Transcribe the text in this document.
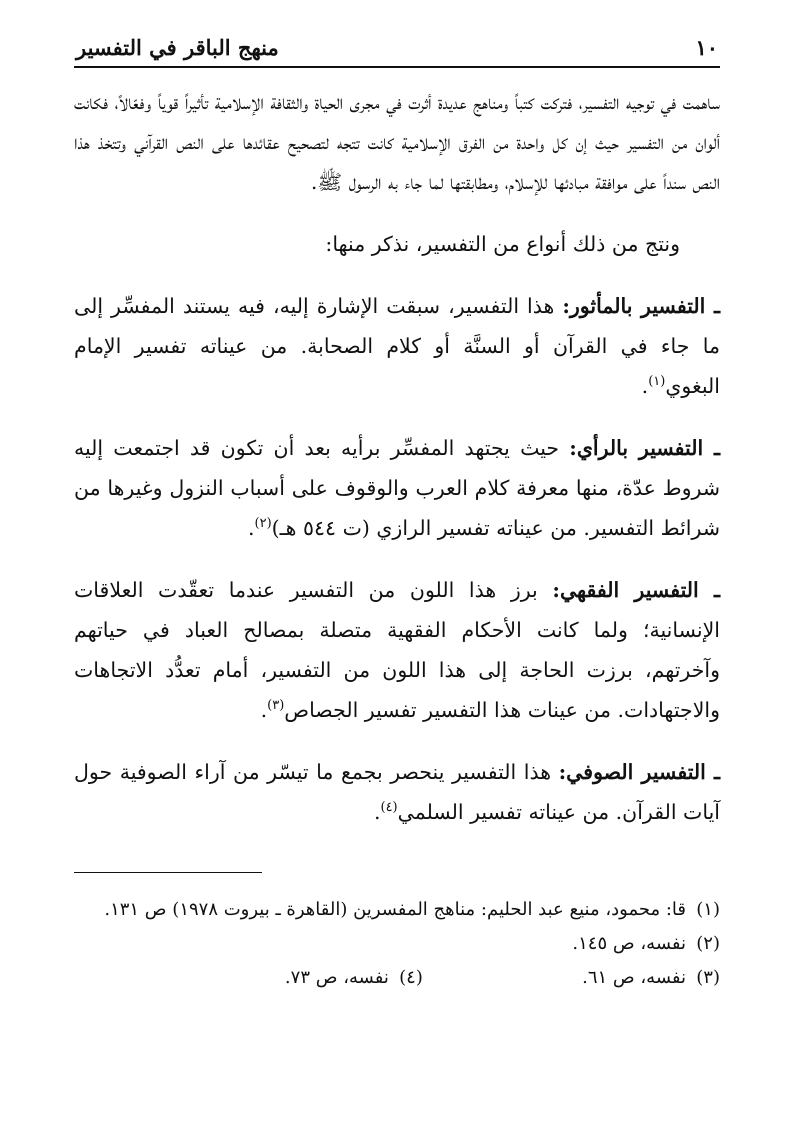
١٠
منهج الباقر في التفسير

ساهمت في توجيه التفسير، فتركت كتباً ومناهج عديدة أثرت في مجرى الحياة والثقافة الإسلامية تأثيراً قوياً وفعّالاً، فكانت ألوان من التفسير حيث إن كل واحدة من الفرق الإسلامية كانت تتجه لتصحيح عقائدها على النص القرآني وتتخذ هذا النص سنداً على موافقة مبادئها للإسلام، ومطابقتها لما جاء به الرسول ﷺ.

ونتج من ذلك أنواع من التفسير، نذكر منها:

ـ التفسير بالمأثور: هذا التفسير، سبقت الإشارة إليه، فيه يستند المفسِّر إلى ما جاء في القرآن أو السنَّة أو كلام الصحابة. من عيناته تفسير الإمام البغوي$^{(١)}$.

ـ التفسير بالرأي: حيث يجتهد المفسِّر برأيه بعد أن تكون قد اجتمعت إليه شروط عدّة، منها معرفة كلام العرب والوقوف على أسباب النزول وغيرها من شرائط التفسير. من عيناته تفسير الرازي (ت ٥٤٤ هـ)$^{(٢)}$.

ـ التفسير الفقهي: برز هذا اللون من التفسير عندما تعقّدت العلاقات الإنسانية؛ ولما كانت الأحكام الفقهية متصلة بمصالح العباد في حياتهم وآخرتهم، برزت الحاجة إلى هذا اللون من التفسير، أمام تعدُّد الاتجاهات والاجتهادات. من عينات هذا التفسير تفسير الجصاص$^{(٣)}$.

ـ التفسير الصوفي: هذا التفسير ينحصر بجمع ما تيسّر من آراء الصوفية حول آيات القرآن. من عيناته تفسير السلمي$^{(٤)}$.

(١)
قا: محمود، منيع عبد الحليم: مناهج المفسرين (القاهرة ـ بيروت ١٩٧٨) ص ١٣١.
(٢)
نفسه، ص ١٤٥.
(٣)
نفسه، ص ٦١.
(٤)
نفسه، ص ٧٣.
